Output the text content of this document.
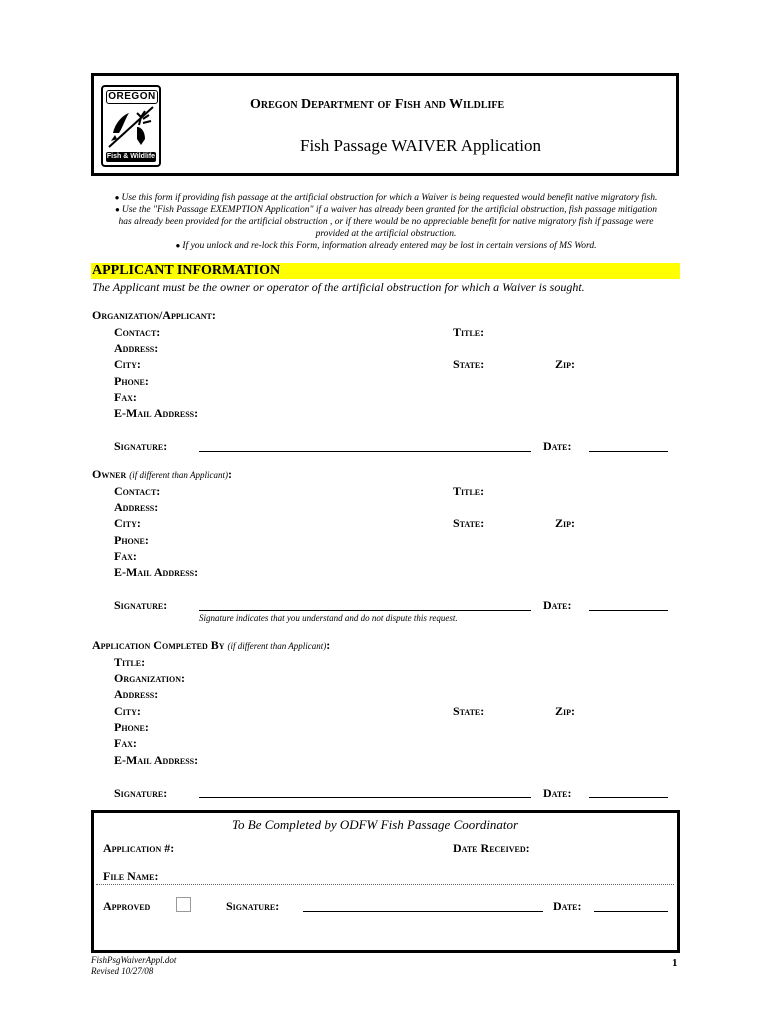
OREGON
Fish & Wildlife
Oregon Department of Fish and Wildlife
Fish Passage WAIVER Application
● Use this form if providing fish passage at the artificial obstruction for which a Waiver is being requested would benefit native migratory fish.
● Use the "Fish Passage EXEMPTION Application" if a waiver has already been granted for the artificial obstruction, fish passage mitigation
has already been provided for the artificial obstruction , or if there would be no appreciable benefit for native migratory fish if passage were
provided at the artificial obstruction.
● If you unlock and re-lock this Form, information already entered may be lost in certain versions of MS Word.
APPLICANT INFORMATION
The Applicant must be the owner or operator of the artificial obstruction for which a Waiver is sought.
Organization/Applicant:
Contact:	Title:
Address:
City:	State:	Zip:
Phone:
Fax:
E-Mail Address:
Signature:	Date:
Owner (if different than Applicant):
Contact:	Title:
Address:
City:	State:	Zip:
Phone:
Fax:
E-Mail Address:
Signature:	Date:
Signature indicates that you understand and do not dispute this request.
Application Completed By (if different than Applicant):
Title:
Organization:
Address:
City:	State:	Zip:
Phone:
Fax:
E-Mail Address:
Signature:	Date:
To Be Completed by ODFW Fish Passage Coordinator
Application #:	Date Received:
File Name:
Approved	Signature:	Date:
FishPsgWaiverAppl.dot
Revised 10/27/08
1
